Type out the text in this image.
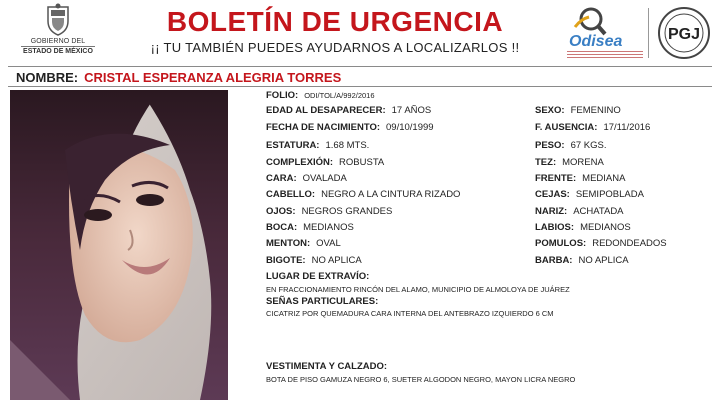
GOBIERNO DEL
ESTADO DE MÉXICO
BOLETÍN DE URGENCIA
¡¡ TU TAMBIÉN PUEDES AYUDARNOS A LOCALIZARLOS !!	Odisea	PGJ
NOMBRE: CRISTAL ESPERANZA ALEGRIA TORRES
FOLIO: ODI/TOL/A/992/2016
EDAD AL DESAPARECER: 17 AÑOS	SEXO: FEMENINO
FECHA DE NACIMIENTO: 09/10/1999	F. AUSENCIA: 17/11/2016
ESTATURA: 1.68 MTS.	PESO: 67 KGS.
COMPLEXIÓN: ROBUSTA	TEZ: MORENA
CARA: OVALADA	FRENTE: MEDIANA
CABELLO: NEGRO A LA CINTURA RIZADO	CEJAS: SEMIPOBLADA
OJOS: NEGROS GRANDES	NARIZ: ACHATADA
BOCA: MEDIANOS	LABIOS: MEDIANOS
MENTON: OVAL	POMULOS: REDONDEADOS
BIGOTE: NO APLICA	BARBA: NO APLICA
LUGAR DE EXTRAVÍO:
EN FRACCIONAMIENTO RINCÓN DEL ALAMO, MUNICIPIO DE ALMOLOYA DE JUÁREZ
SEÑAS PARTICULARES:
CICATRIZ POR QUEMADURA CARA INTERNA DEL ANTEBRAZO IZQUIERDO 6 CM
VESTIMENTA Y CALZADO:
BOTA DE PISO GAMUZA NEGRO 6, SUETER ALGODON NEGRO, MAYON LICRA NEGRO
